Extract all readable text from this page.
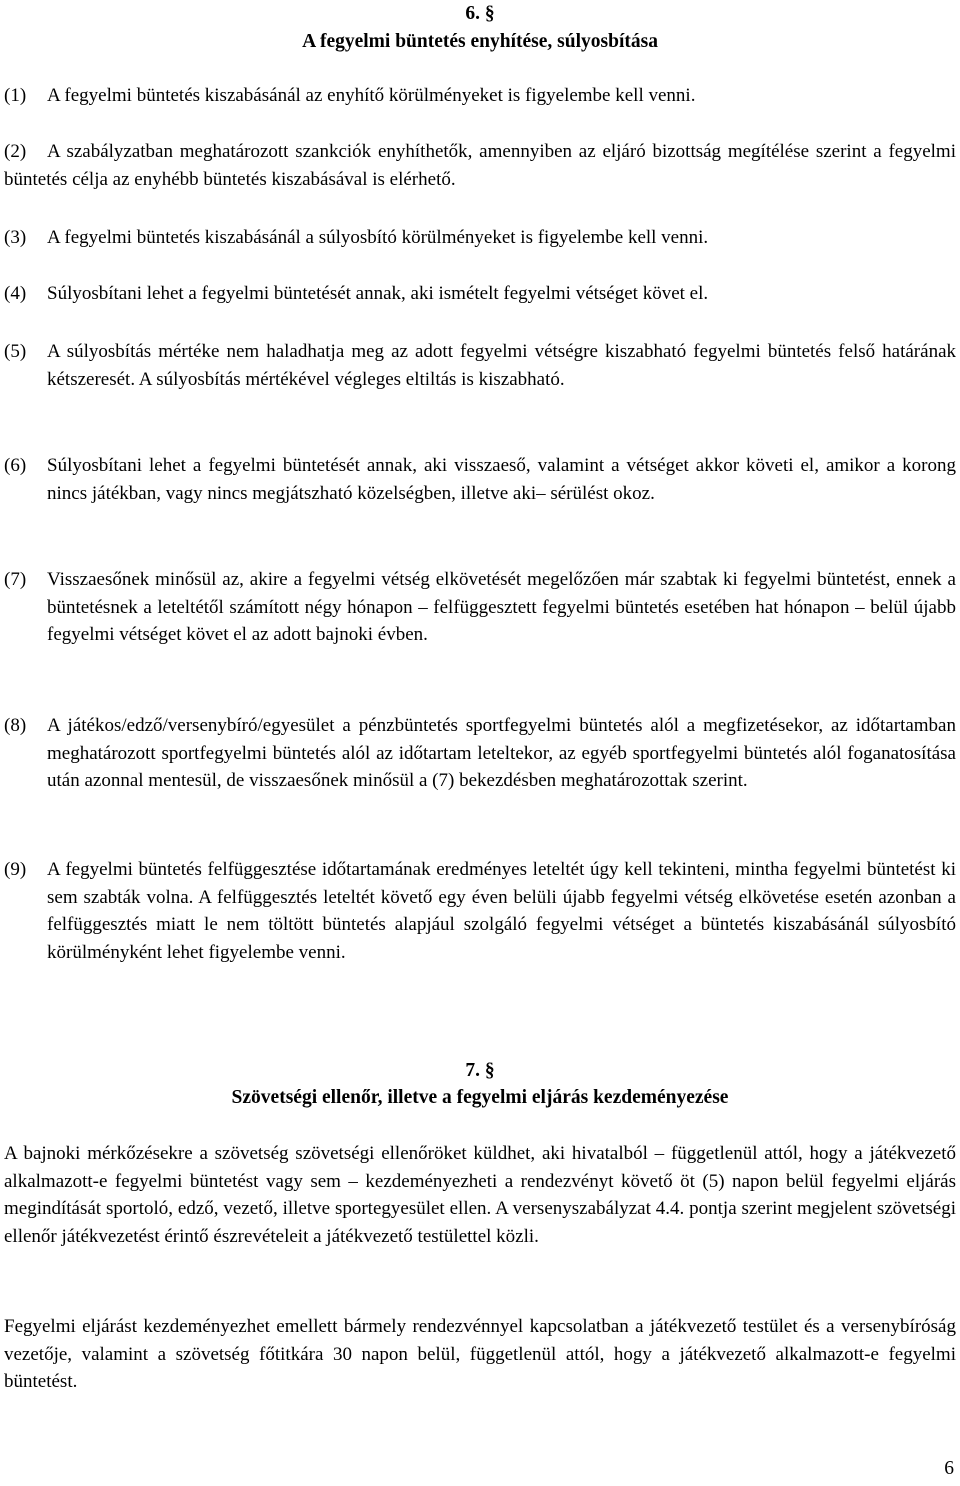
6. §
A fegyelmi büntetés enyhítése, súlyosbítása
(1)	A fegyelmi büntetés kiszabásánál az enyhítő körülményeket is figyelembe kell venni.
(2) A szabályzatban meghatározott szankciók enyhíthetők, amennyiben az eljáró bizottság megítélése szerint a fegyelmi büntetés célja az enyhébb büntetés kiszabásával is elérhető.
(3)	A fegyelmi büntetés kiszabásánál a súlyosbító körülményeket is figyelembe kell venni.
(4)	Súlyosbítani lehet a fegyelmi büntetését annak, aki ismételt fegyelmi vétséget követ el.
(5)	A súlyosbítás mértéke nem haladhatja meg az adott fegyelmi vétségre kiszabható fegyelmi büntetés felső határának kétszeresét. A súlyosbítás mértékével végleges eltiltás is kiszabható.
(6)	Súlyosbítani lehet a fegyelmi büntetését annak, aki visszaeső, valamint a vétséget akkor követi el, amikor a korong nincs játékban, vagy nincs megjátszható közelségben, illetve aki– sérülést okoz.
(7)	Visszaesőnek minősül az, akire a fegyelmi vétség elkövetését megelőzően már szabtak ki fegyelmi büntetést, ennek a büntetésnek a leteltétől számított négy hónapon – felfüggesztett fegyelmi büntetés esetében hat hónapon – belül újabb fegyelmi vétséget követ el az adott bajnoki évben.
(8)	A játékos/edző/versenybíró/egyesület a pénzbüntetés sportfegyelmi büntetés alól a megfizetésekor, az időtartamban meghatározott sportfegyelmi büntetés alól az időtartam leteltekor, az egyéb sportfegyelmi büntetés alól foganatosítása után azonnal mentesül, de visszaesőnek minősül a (7) bekezdésben meghatározottak szerint.
(9)	A fegyelmi büntetés felfüggesztése időtartamának eredményes leteltét úgy kell tekinteni, mintha fegyelmi büntetést ki sem szabták volna. A felfüggesztés leteltét követő egy éven belüli újabb fegyelmi vétség elkövetése esetén azonban a felfüggesztés miatt le nem töltött büntetés alapjául szolgáló fegyelmi vétséget a büntetés kiszabásánál súlyosbító körülményként lehet figyelembe venni.
7. §
Szövetségi ellenőr, illetve a fegyelmi eljárás kezdeményezése
A bajnoki mérkőzésekre a szövetség szövetségi ellenőröket küldhet, aki hivatalból – függetlenül attól, hogy a játékvezető alkalmazott-e fegyelmi büntetést vagy sem – kezdeményezheti a rendezvényt követő öt (5) napon belül fegyelmi eljárás megindítását sportoló, edző, vezető, illetve sportegyesület ellen. A versenyszabályzat 4.4. pontja szerint megjelent szövetségi ellenőr játékvezetést érintő észrevételeit a játékvezető testülettel közli.
Fegyelmi eljárást kezdeményezhet emellett bármely rendezvénnyel kapcsolatban a játékvezető testület és a versenybíróság vezetője, valamint a szövetség főtitkára 30 napon belül, függetlenül attól, hogy a játékvezető alkalmazott-e fegyelmi büntetést.
6
